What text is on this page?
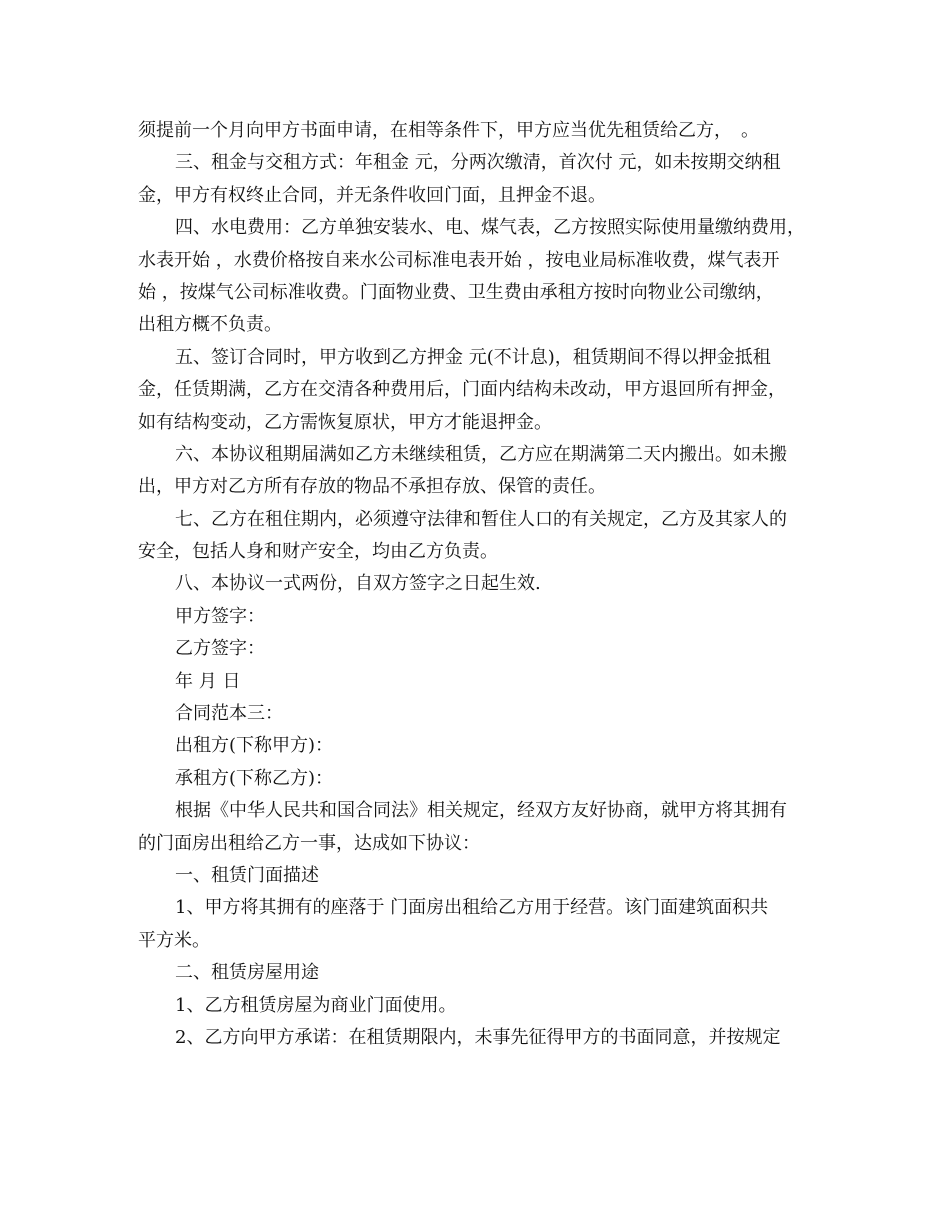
须提前一个月向甲方书面申请，在相等条件下，甲方应当优先租赁给乙方，　。
三、租金与交租方式：年租金 元，分两次缴清，首次付 元，如未按期交纳租
金，甲方有权终止合同，并无条件收回门面，且押金不退。
四、水电费用：乙方单独安装水、电、煤气表，乙方按照实际使用量缴纳费用，
水表开始 ，水费价格按自来水公司标准电表开始 ，按电业局标准收费，煤气表开
始 ，按煤气公司标准收费。门面物业费、卫生费由承租方按时向物业公司缴纳，
出租方概不负责。
五、签订合同时，甲方收到乙方押金 元(不计息)，租赁期间不得以押金抵租
金，任赁期满，乙方在交清各种费用后，门面内结构未改动，甲方退回所有押金，
如有结构变动，乙方需恢复原状，甲方才能退押金。
六、本协议租期届满如乙方未继续租赁，乙方应在期满第二天内搬出。如未搬
出，甲方对乙方所有存放的物品不承担存放、保管的责任。
七、乙方在租住期内，必须遵守法律和暂住人口的有关规定，乙方及其家人的
安全，包括人身和财产安全，均由乙方负责。
八、本协议一式两份，自双方签字之日起生效.
甲方签字：
乙方签字：
年 月 日
合同范本三：
出租方(下称甲方)：
承租方(下称乙方)：
根据《中华人民共和国合同法》相关规定，经双方友好协商，就甲方将其拥有
的门面房出租给乙方一事，达成如下协议：
一、租赁门面描述
1、甲方将其拥有的座落于 门面房出租给乙方用于经营。该门面建筑面积共
平方米。
二、租赁房屋用途
1、乙方租赁房屋为商业门面使用。
2、乙方向甲方承诺：在租赁期限内，未事先征得甲方的书面同意，并按规定
